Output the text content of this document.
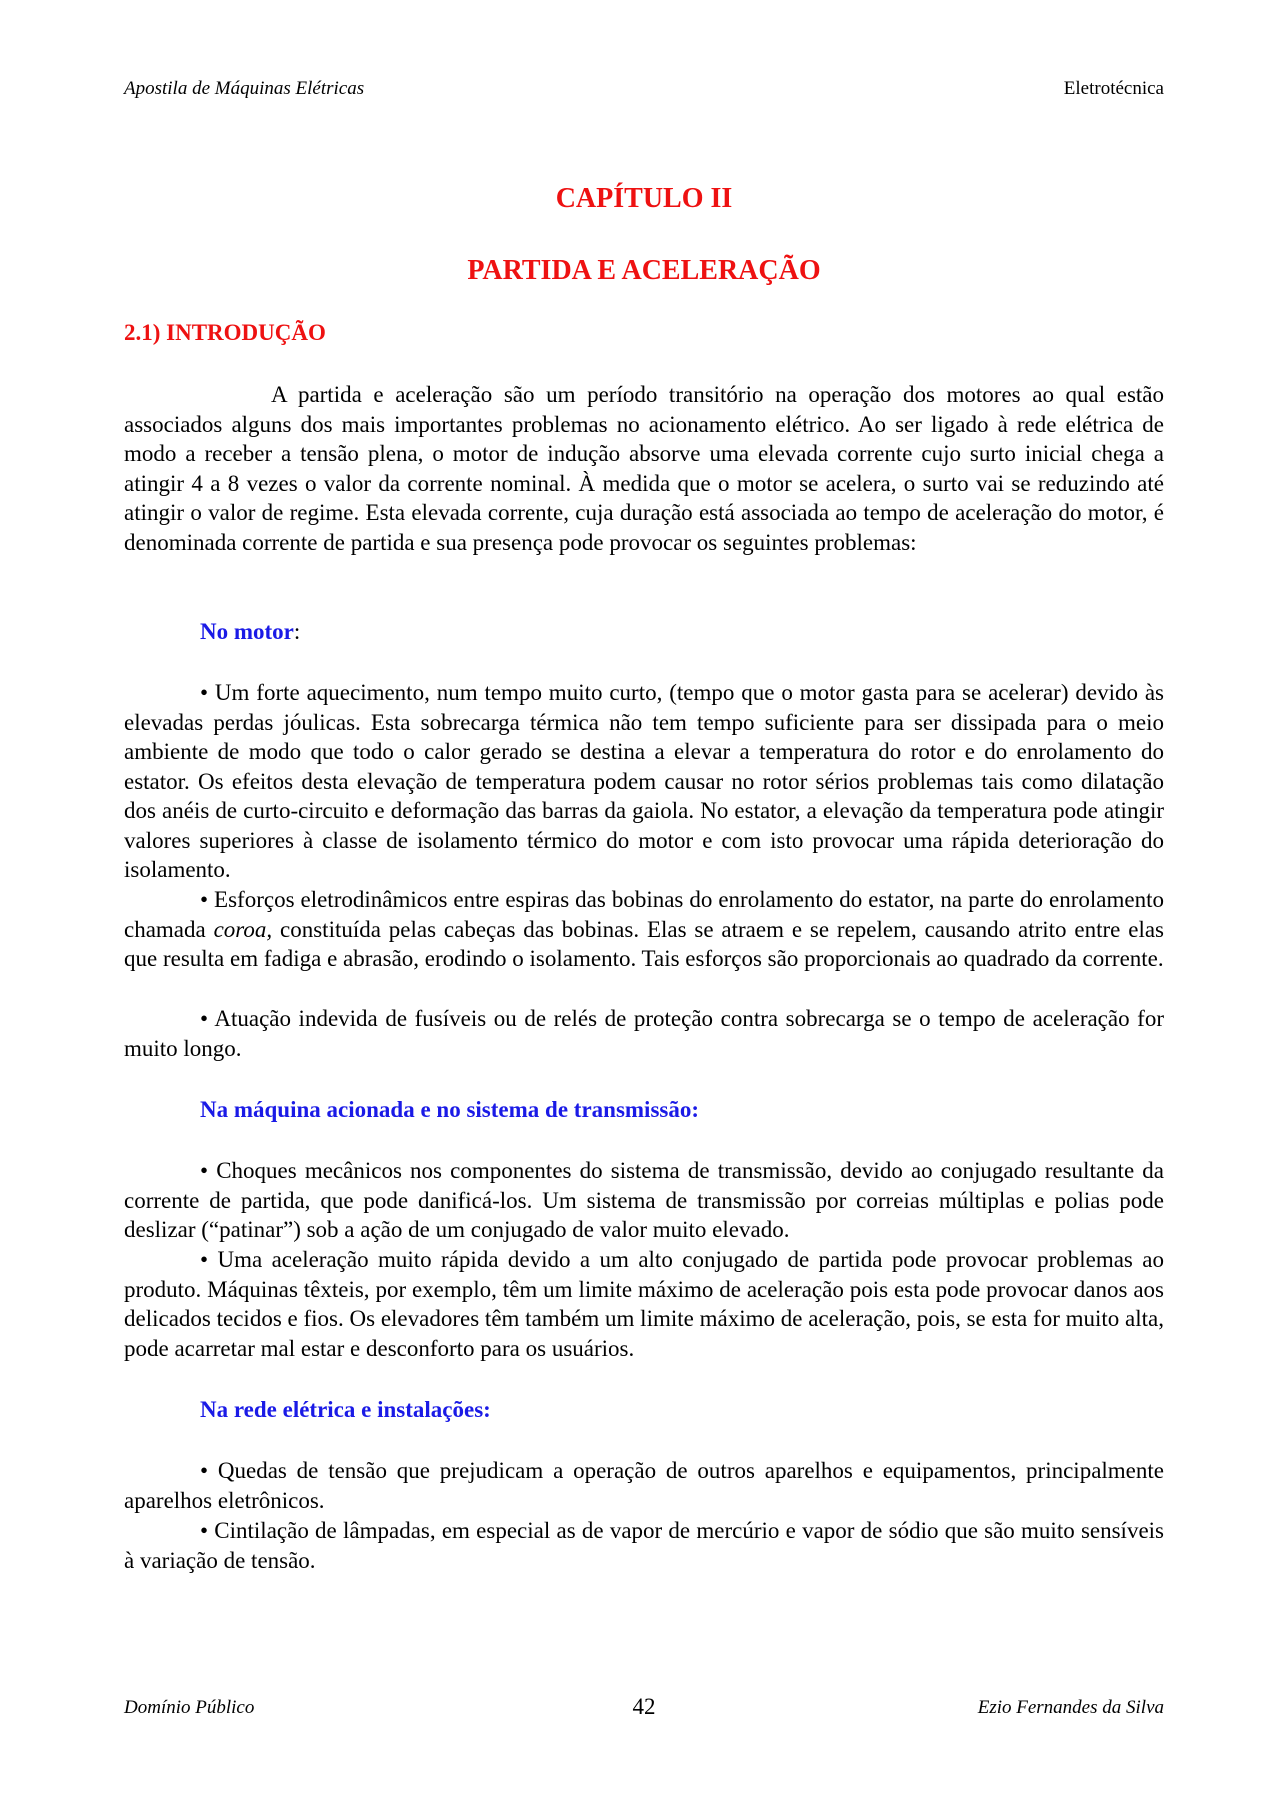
Apostila de Máquinas Elétricas	Eletrotécnica
CAPÍTULO II
PARTIDA E ACELERAÇÃO
2.1) INTRODUÇÃO

A partida e aceleração são um período transitório na operação dos motores ao qual estão associados alguns dos mais importantes problemas no acionamento elétrico. Ao ser ligado à rede elétrica de modo a receber a tensão plena, o motor de indução absorve uma elevada corrente cujo surto inicial chega a atingir 4 a 8 vezes o valor da corrente nominal. À medida que o motor se acelera, o surto vai se reduzindo até atingir o valor de regime. Esta elevada corrente, cuja duração está associada ao tempo de aceleração do motor, é denominada corrente de partida e sua presença pode provocar os seguintes problemas:

No motor:

• Um forte aquecimento, num tempo muito curto, (tempo que o motor gasta para se acelerar) devido às elevadas perdas jóulicas. Esta sobrecarga térmica não tem tempo suficiente para ser dissipada para o meio ambiente de modo que todo o calor gerado se destina a elevar a temperatura do rotor e do enrolamento do estator. Os efeitos desta elevação de temperatura podem causar no rotor sérios problemas tais como dilatação dos anéis de curto-circuito e deformação das barras da gaiola. No estator, a elevação da temperatura pode atingir valores superiores à classe de isolamento térmico do motor e com isto provocar uma rápida deterioração do isolamento.

• Esforços eletrodinâmicos entre espiras das bobinas do enrolamento do estator, na parte do enrolamento chamada coroa, constituída pelas cabeças das bobinas. Elas se atraem e se repelem, causando atrito entre elas que resulta em fadiga e abrasão, erodindo o isolamento. Tais esforços são proporcionais ao quadrado da corrente.

• Atuação indevida de fusíveis ou de relés de proteção contra sobrecarga se o tempo de aceleração for muito longo.

Na máquina acionada e no sistema de transmissão:

• Choques mecânicos nos componentes do sistema de transmissão, devido ao conjugado resultante da corrente de partida, que pode danificá-los. Um sistema de transmissão por correias múltiplas e polias pode deslizar (“patinar”) sob a ação de um conjugado de valor muito elevado.

• Uma aceleração muito rápida devido a um alto conjugado de partida pode provocar problemas ao produto. Máquinas têxteis, por exemplo, têm um limite máximo de aceleração pois esta pode provocar danos aos delicados tecidos e fios. Os elevadores têm também um limite máximo de aceleração, pois, se esta for muito alta, pode acarretar mal estar e desconforto para os usuários.

Na rede elétrica e instalações:

• Quedas de tensão que prejudicam a operação de outros aparelhos e equipamentos, principalmente aparelhos eletrônicos.

• Cintilação de lâmpadas, em especial as de vapor de mercúrio e vapor de sódio que são muito sensíveis à variação de tensão.

Domínio Público	42	Ezio Fernandes da Silva
